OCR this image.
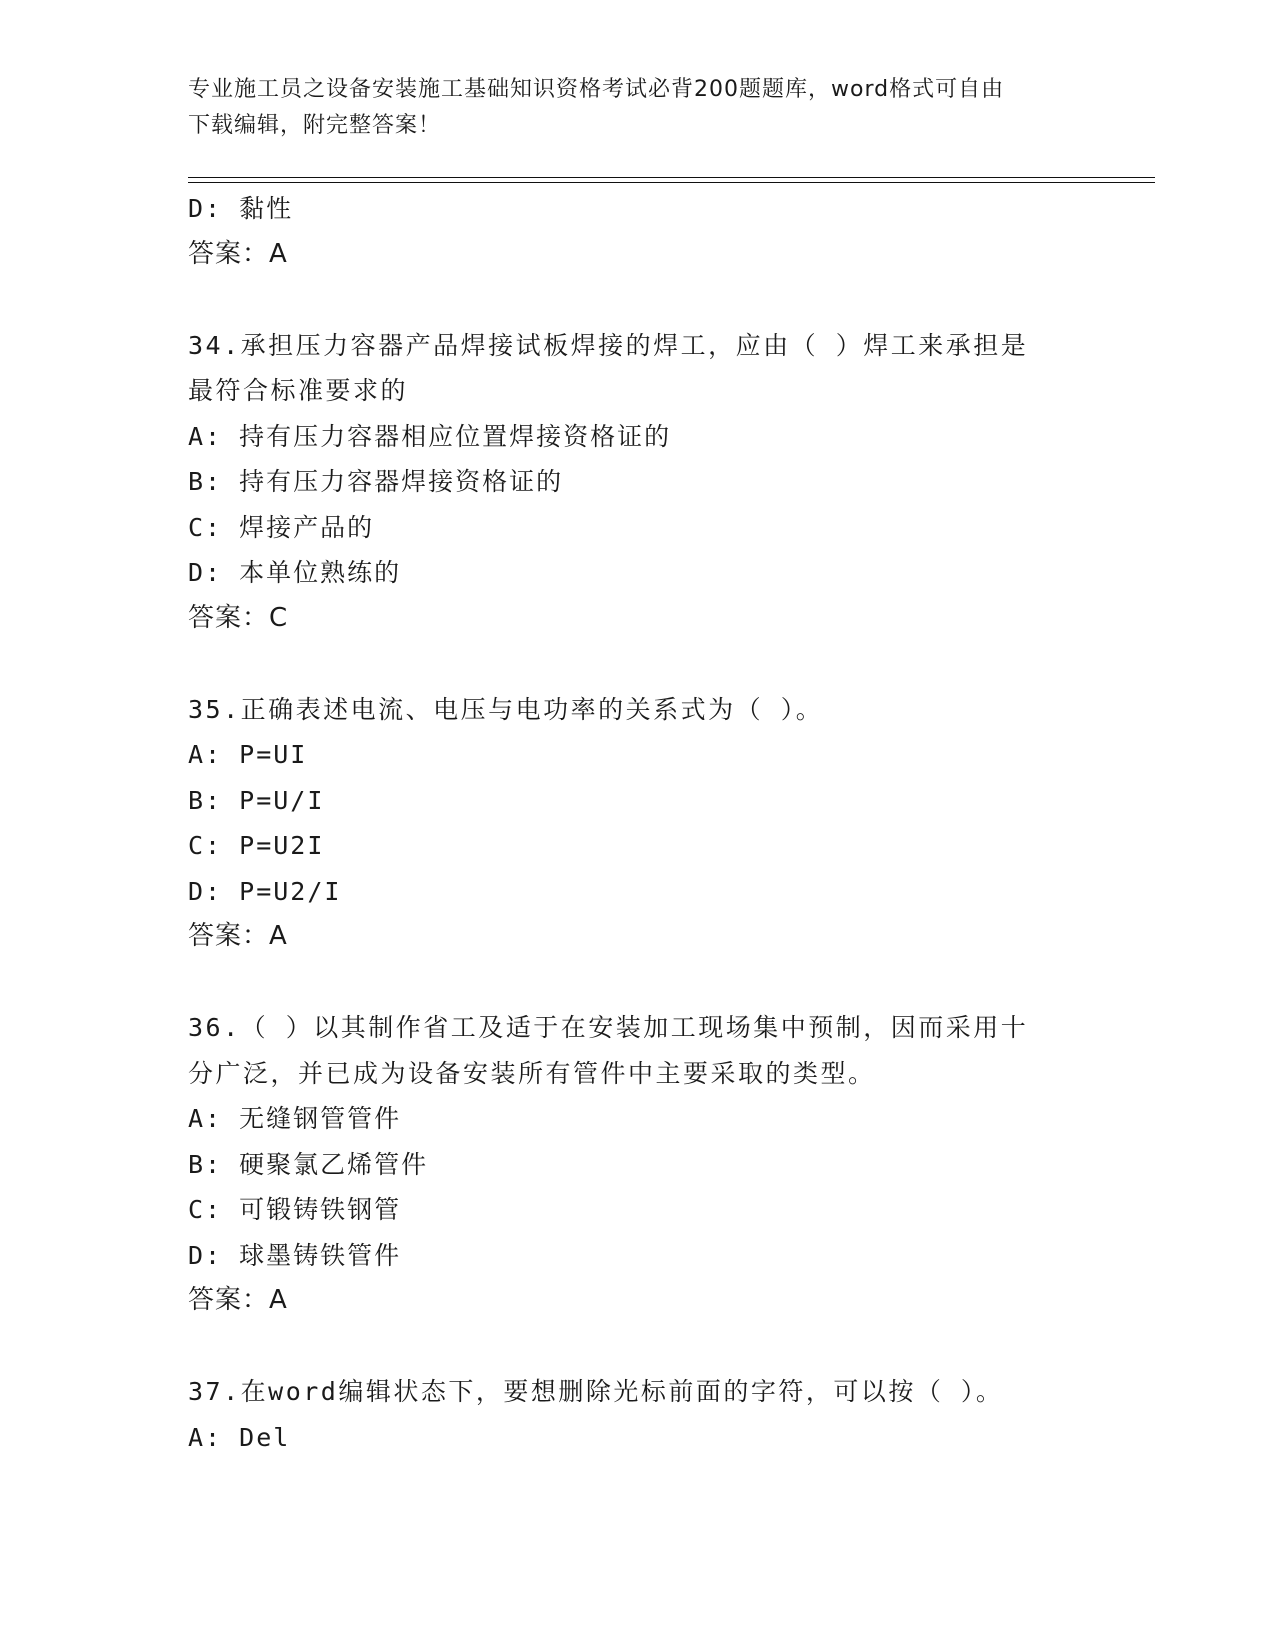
专业施工员之设备安装施工基础知识资格考试必背200题题库，word格式可自由
下载编辑，附完整答案！
D: 黏性
答案：A
34.承担压力容器产品焊接试板焊接的焊工，应由（ ）焊工来承担是
最符合标准要求的
A: 持有压力容器相应位置焊接资格证的
B: 持有压力容器焊接资格证的
C: 焊接产品的
D: 本单位熟练的
答案：C
35.正确表述电流、电压与电功率的关系式为（ ）。
A: P=UI
B: P=U/I
C: P=U2I
D: P=U2/I
答案：A
36.（ ）以其制作省工及适于在安装加工现场集中预制，因而采用十
分广泛，并已成为设备安装所有管件中主要采取的类型。
A: 无缝钢管管件
B: 硬聚氯乙烯管件
C: 可锻铸铁钢管
D: 球墨铸铁管件
答案：A
37.在word编辑状态下，要想删除光标前面的字符，可以按（ ）。
A: Del
